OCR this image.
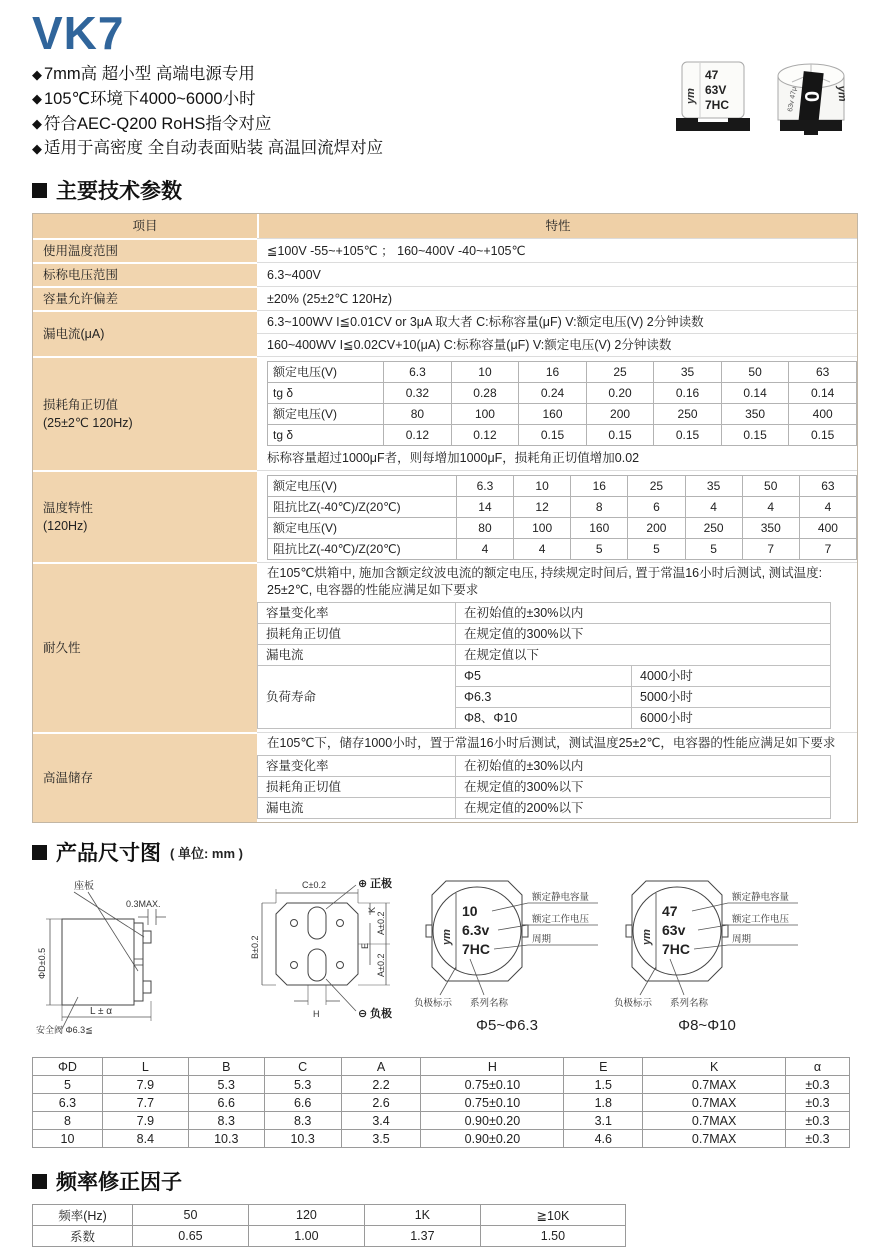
VK7
◆ 7mm高 超小型 高端电源专用
◆ 105℃环境下4000~6000小时
◆ 符合AEC-Q200 RoHS指令对应
◆ 适用于高密度 全自动表面贴装 高温回流焊对应
ym
47
63V
7HC
0
63v 47μ	ym
主要技术参数
项目	特性
使用温度范围	≦100V -55~+105℃ ； 160~400V -40~+105℃
标称电压范围	6.3~400V
容量允许偏差	±20% (25±2℃ 120Hz)
漏电流(μA)
6.3~100WV I≦0.01CV or 3μA 取大者 C:标称容量(μF) V:额定电压(V) 2分钟读数
160~400WV I≦0.02CV+10(μA) C:标称容量(μF) V:额定电压(V) 2分钟读数
损耗角正切值
(25±2℃ 120Hz)
额定电压(V)	6.3	10	16	25	35	50	63
tg δ	0.32	0.28	0.24	0.20	0.16	0.14	0.14
额定电压(V)	80	100	160	200	250	350	400
tg δ	0.12	0.12	0.15	0.15	0.15	0.15	0.15
标称容量超过1000μF者，则每增加1000μF，损耗角正切值增加0.02
温度特性
(120Hz)
额定电压(V)	6.3	10	16	25	35	50	63
阻抗比Z(-40℃)/Z(20℃)	14	12	8	6	4	4	4
额定电压(V)	80	100	160	200	250	350	400
阻抗比Z(-40℃)/Z(20℃)	4	4	5	5	5	7	7
耐久性
在105℃烘箱中, 施加含额定纹波电流的额定电压, 持续规定时间后, 置于常温16小时后测试, 测试温度: 25±2℃, 电容器的性能应满足如下要求
容量变化率	在初始值的±30%以内
损耗角正切值	在规定值的300%以下
漏电流	在规定值以下
负荷寿命
Φ5	4000小时
Φ6.3	5000小时
Φ8、Φ10	6000小时
高温储存
在105℃下，储存1000小时，置于常温16小时后测试，测试温度25±2℃，电容器的性能应满足如下要求
容量变化率	在初始值的±30%以内
损耗角正切值	在规定值的300%以下
漏电流	在规定值的200%以下
产品尺寸图 ( 单位: mm )
座板
0.3MAX.
ΦD±0.5
L ± α
安全阀 Φ6.3≦
C±0.2
B±0.2
K
E
A±0.2
A±0.2
H
⊕ 正极
⊖ 负极
ym
10
6.3v
7HC
额定静电容量
额定工作电压
周期
负极标示 系列名称
Φ5~Φ6.3
ym
47
63v
7HC
额定静电容量
额定工作电压
周期
负极标示 系列名称
Φ8~Φ10
ΦD	L	B	C	A	H	E	K	α
5	7.9	5.3	5.3	2.2	0.75±0.10	1.5	0.7MAX	±0.3
6.3	7.7	6.6	6.6	2.6	0.75±0.10	1.8	0.7MAX	±0.3
8	7.9	8.3	8.3	3.4	0.90±0.20	3.1	0.7MAX	±0.3
10	8.4	10.3	10.3	3.5	0.90±0.20	4.6	0.7MAX	±0.3
频率修正因子
频率(Hz)	50	120	1K	≧10K
系数	0.65	1.00	1.37	1.50
